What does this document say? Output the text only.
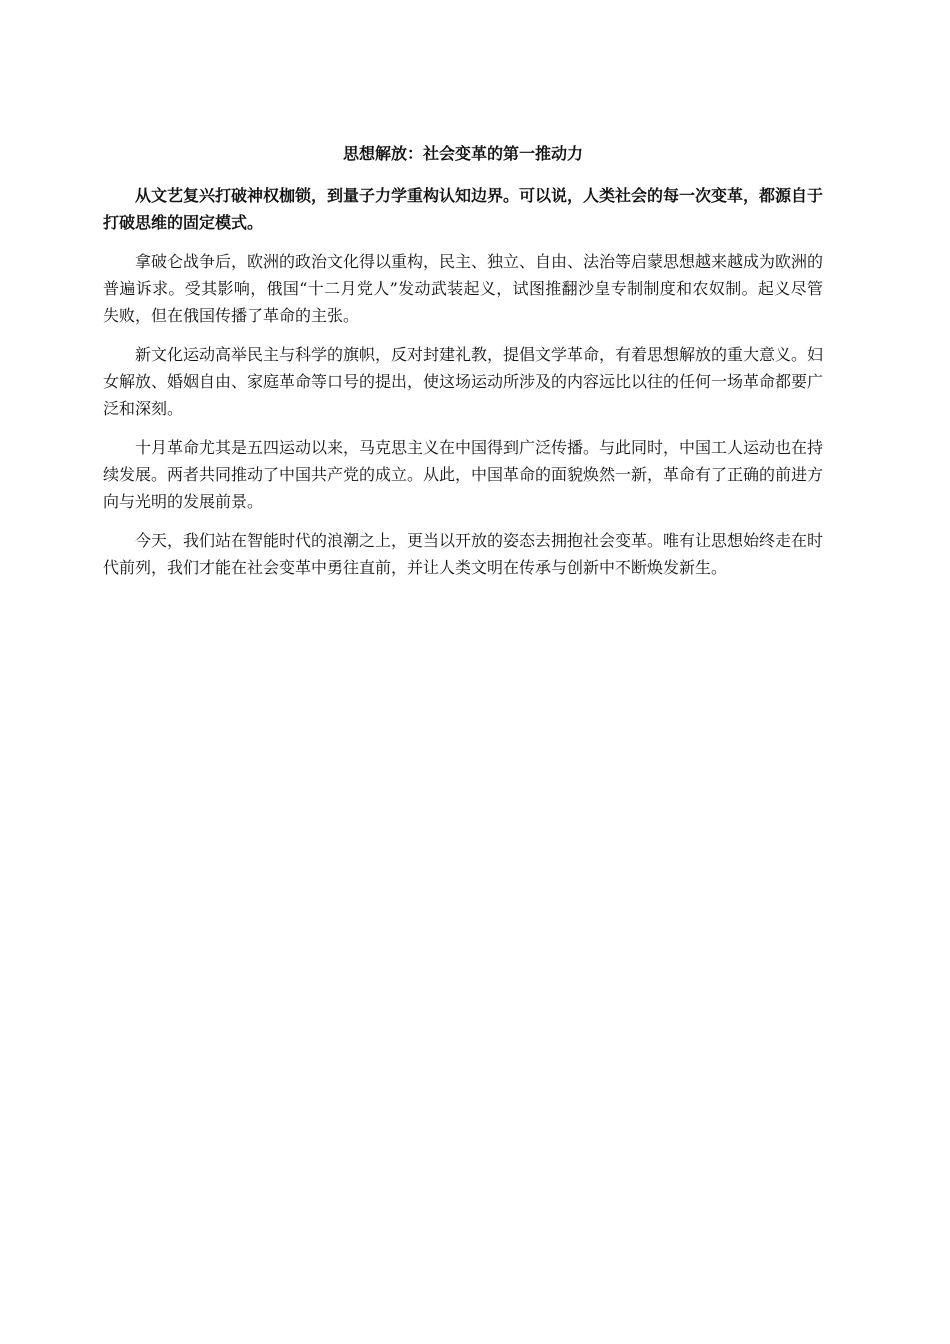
思想解放：社会变革的第一推动力

从文艺复兴打破神权枷锁，到量子力学重构认知边界。可以说，人类社会的每一次变革，都源自于打破思维的固定模式。

拿破仑战争后，欧洲的政治文化得以重构，民主、独立、自由、法治等启蒙思想越来越成为欧洲的普遍诉求。受其影响，俄国“十二月党人”发动武装起义，试图推翻沙皇专制制度和农奴制。起义尽管失败，但在俄国传播了革命的主张。

新文化运动高举民主与科学的旗帜，反对封建礼教，提倡文学革命，有着思想解放的重大意义。妇女解放、婚姻自由、家庭革命等口号的提出，使这场运动所涉及的内容远比以往的任何一场革命都要广泛和深刻。

十月革命尤其是五四运动以来，马克思主义在中国得到广泛传播。与此同时，中国工人运动也在持续发展。两者共同推动了中国共产党的成立。从此，中国革命的面貌焕然一新，革命有了正确的前进方向与光明的发展前景。

今天，我们站在智能时代的浪潮之上，更当以开放的姿态去拥抱社会变革。唯有让思想始终走在时代前列，我们才能在社会变革中勇往直前，并让人类文明在传承与创新中不断焕发新生。
